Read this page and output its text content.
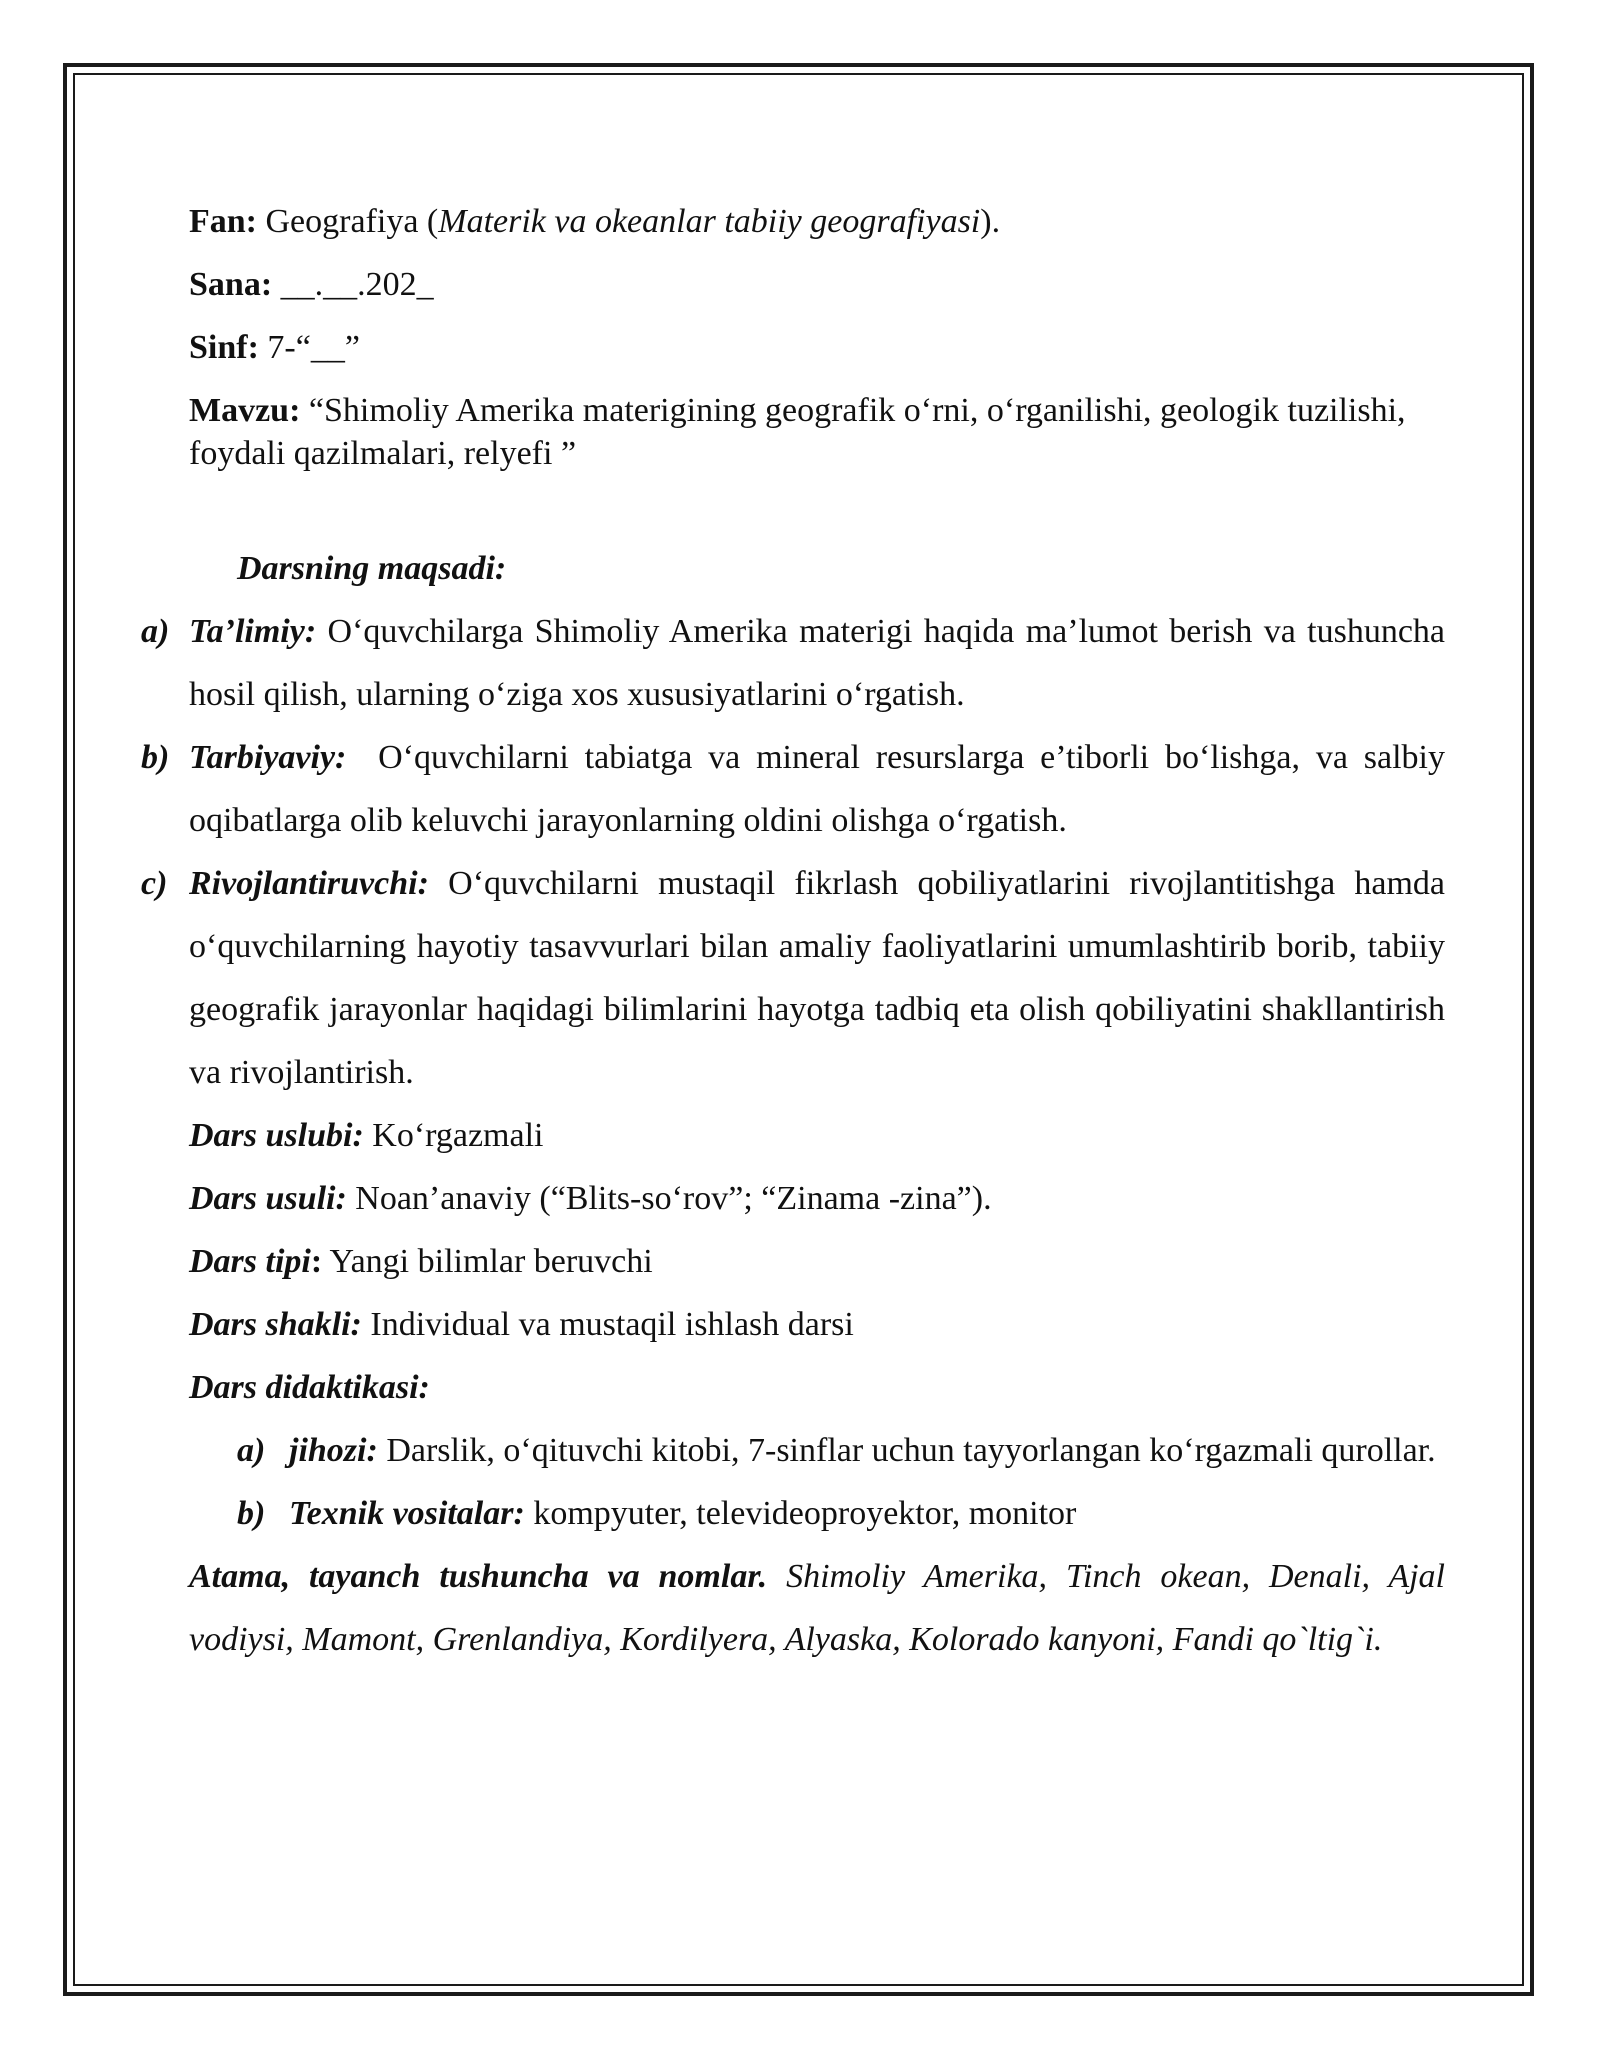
Fan: Geografiya (Materik va okeanlar tabiiy geografiyasi).

Sana: __.__.202_

Sinf: 7-“__”

Mavzu: “Shimoliy Amerika materigining geografik o‘rni, o‘rganilishi, geologik tuzilishi, foydali qazilmalari, relyefi ”

Darsning maqsadi:

a) Ta’limiy: O‘quvchilarga Shimoliy Amerika materigi haqida ma’lumot berish va tushuncha hosil qilish, ularning o‘ziga xos xususiyatlarini o‘rgatish.

b) Tarbiyaviy: O‘quvchilarni tabiatga va mineral resurslarga e’tiborli bo‘lishga, va salbiy oqibatlarga olib keluvchi jarayonlarning oldini olishga o‘rgatish.

c) Rivojlantiruvchi: O‘quvchilarni mustaqil fikrlash qobiliyatlarini rivojlantitishga hamda o‘quvchilarning hayotiy tasavvurlari bilan amaliy faoliyatlarini umumlashtirib borib, tabiiy geografik jarayonlar haqidagi bilimlarini hayotga tadbiq eta olish qobiliyatini shakllantirish va rivojlantirish.

Dars uslubi: Ko‘rgazmali

Dars usuli: Noan’anaviy (“Blits-so‘rov”; “Zinama -zina”).

Dars tipi: Yangi bilimlar beruvchi

Dars shakli: Individual va mustaqil ishlash darsi

Dars didaktikasi:

a) jihozi: Darslik, o‘qituvchi kitobi, 7-sinflar uchun tayyorlangan ko‘rgazmali qurollar.

b) Texnik vositalar: kompyuter, televideoproyektor, monitor

Atama, tayanch tushuncha va nomlar. Shimoliy Amerika, Tinch okean, Denali, Ajal vodiysi, Mamont, Grenlandiya, Kordilyera, Alyaska, Kolorado kanyoni, Fandi qo`ltig`i.
